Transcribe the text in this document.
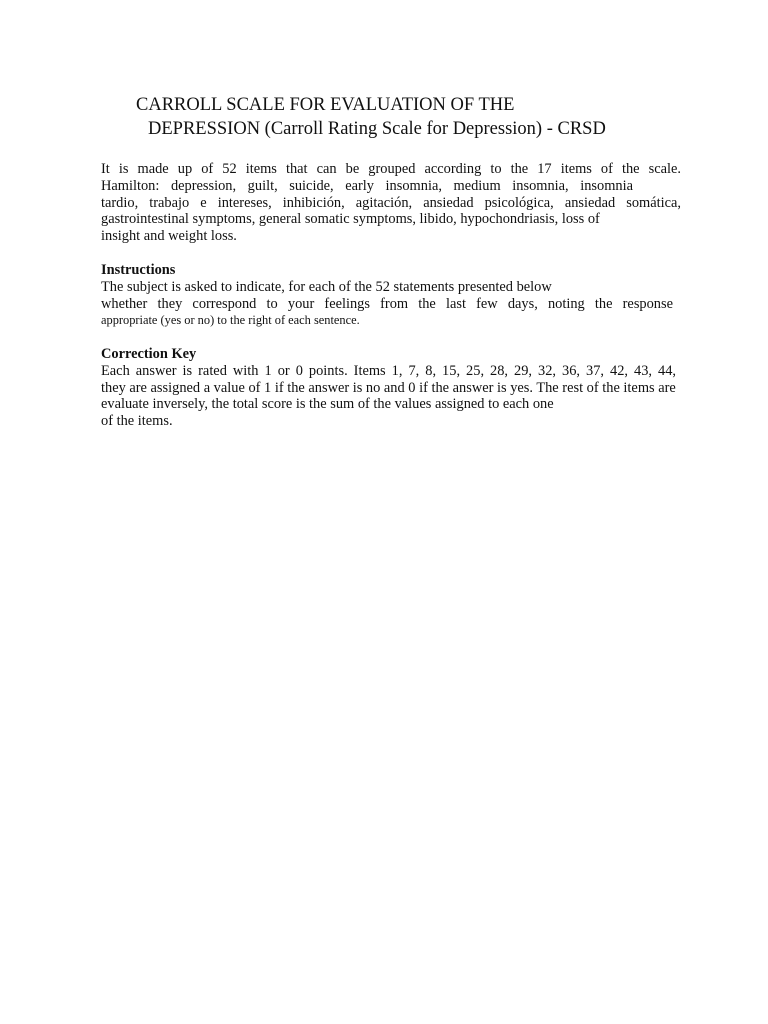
CARROLL SCALE FOR EVALUATION OF THE
DEPRESSION (Carroll Rating Scale for Depression) - CRSD
It is made up of 52 items that can be grouped according to the 17 items of the scale.
Hamilton: depression, guilt, suicide, early insomnia, medium insomnia, insomnia
tardio, trabajo e intereses, inhibición, agitación, ansiedad psicológica, ansiedad somática,
gastrointestinal symptoms, general somatic symptoms, libido, hypochondriasis, loss of
insight and weight loss.
Instructions
The subject is asked to indicate, for each of the 52 statements presented below
whether they correspond to your feelings from the last few days, noting the response
appropriate (yes or no) to the right of each sentence.
Correction Key
Each answer is rated with 1 or 0 points. Items 1, 7, 8, 15, 25, 28, 29, 32, 36, 37, 42, 43, 44,
they are assigned a value of 1 if the answer is no and 0 if the answer is yes. The rest of the items are
evaluate inversely, the total score is the sum of the values assigned to each one
of the items.
